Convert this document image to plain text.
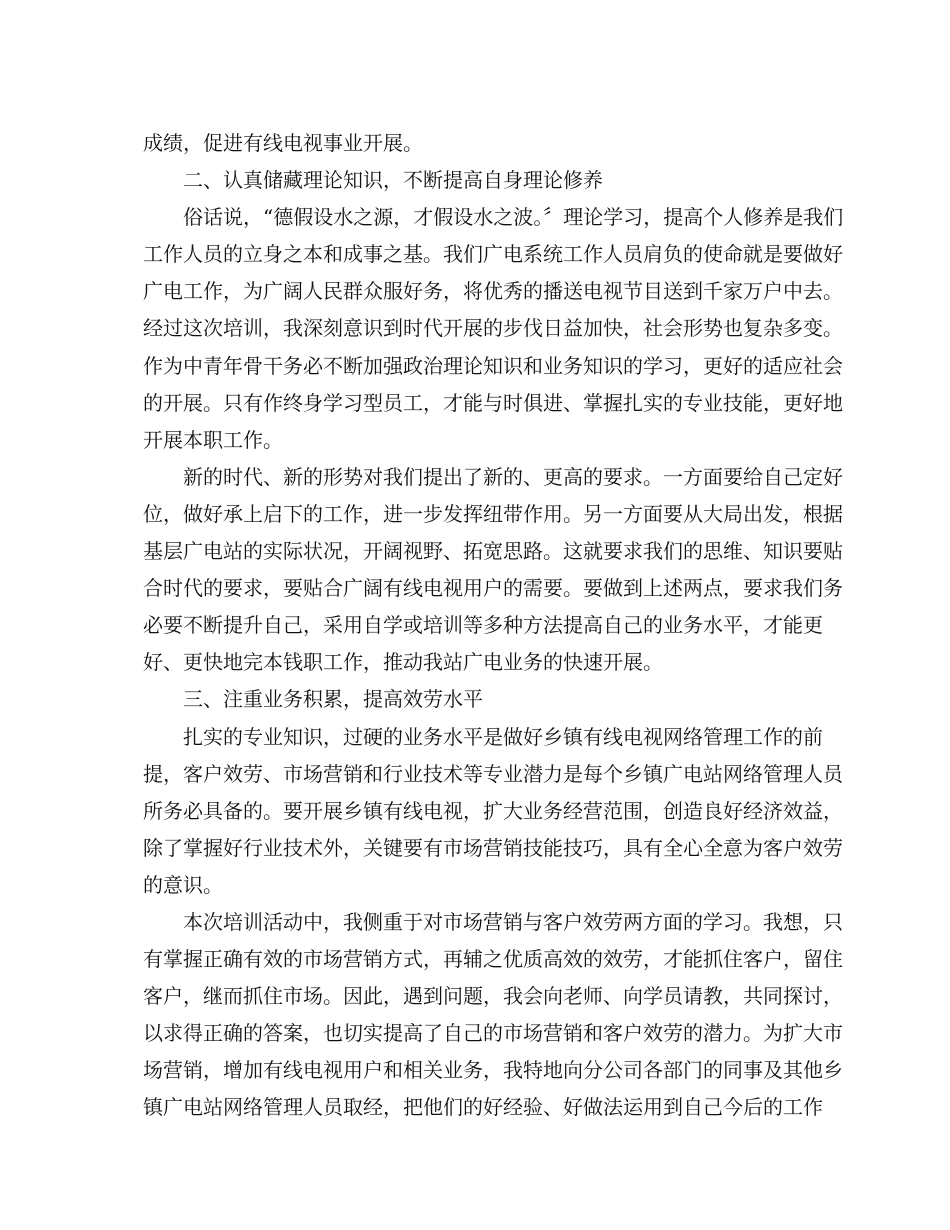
成绩，促进有线电视事业开展。
二、认真储藏理论知识，不断提高自身理论修养
俗话说，“德假设水之源，才假设水之波。〞理论学习，提高个人修养是我们
工作人员的立身之本和成事之基。我们广电系统工作人员肩负的使命就是要做好
广电工作，为广阔人民群众服好务，将优秀的播送电视节目送到千家万户中去。
经过这次培训，我深刻意识到时代开展的步伐日益加快，社会形势也复杂多变。
作为中青年骨干务必不断加强政治理论知识和业务知识的学习，更好的适应社会
的开展。只有作终身学习型员工，才能与时俱进、掌握扎实的专业技能，更好地
开展本职工作。
新的时代、新的形势对我们提出了新的、更高的要求。一方面要给自己定好
位，做好承上启下的工作，进一步发挥纽带作用。另一方面要从大局出发，根据
基层广电站的实际状况，开阔视野、拓宽思路。这就要求我们的思维、知识要贴
合时代的要求，要贴合广阔有线电视用户的需要。要做到上述两点，要求我们务
必要不断提升自己，采用自学或培训等多种方法提高自己的业务水平，才能更
好、更快地完本钱职工作，推动我站广电业务的快速开展。
三、注重业务积累，提高效劳水平
扎实的专业知识，过硬的业务水平是做好乡镇有线电视网络管理工作的前
提，客户效劳、市场营销和行业技术等专业潜力是每个乡镇广电站网络管理人员
所务必具备的。要开展乡镇有线电视，扩大业务经营范围，创造良好经济效益，
除了掌握好行业技术外，关键要有市场营销技能技巧，具有全心全意为客户效劳
的意识。
本次培训活动中，我侧重于对市场营销与客户效劳两方面的学习。我想，只
有掌握正确有效的市场营销方式，再辅之优质高效的效劳，才能抓住客户，留住
客户，继而抓住市场。因此，遇到问题，我会向老师、向学员请教，共同探讨，
以求得正确的答案，也切实提高了自己的市场营销和客户效劳的潜力。为扩大市
场营销，增加有线电视用户和相关业务，我特地向分公司各部门的同事及其他乡
镇广电站网络管理人员取经，把他们的好经验、好做法运用到自己今后的工作
